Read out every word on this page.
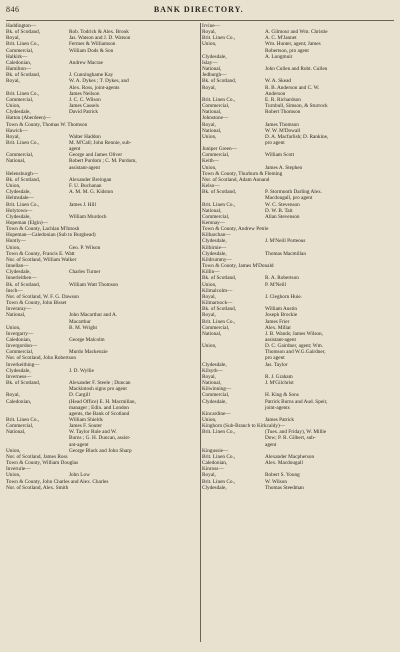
846	BANK DIRECTORY.
Haddington—
Bk. of Scotland,	Rob. Todrick & Alex. Brook
Royal,	Jas. Watson and J. D. Watson
Brit. Linen Co.,	Fermes & Williamson
Commercial,	William Dods & Son
Halkirk—
Caledonian,	Andrew Macrae
Hamilton—
Bk. of Scotland,	J. Cunninghame Kay
Royal,	W. A. Dykes ; T. Dykes, and
Alex. Ross, joint-agents
Brit. Linen Co.,	James Neilson
Commercial,	J. C. C. Wilson
Union,	James Cassels
Clydesdale,	David Patrick
Hatton (Aberdeen)—
Town & County, Thomas W. Thomson
Hawick—
Royal,	Walter Haddon
Brit. Linen Co.,	M. M'Call; John Rennie, sub-
agent
Commercial,	George and James Oliver
National,	Robert Purdom ; C. M. Purdom,
assistant-agent
Helensburgh—
Bk. of Scotland,	Alexander Breingan
Union,	F. U. Buchanan
Clydesdale,	A. M. M. G. Kidston
Helmsdale—
Brit. Linen Co.,	James J. Hill
Holytown—
Clydesdale,	William Murdoch
Hopeman (Elgin)—
Town & County, Lachlan M'Intosh
Hopeman—Caledonian (Sub to Burghead)
Huntly—
Union,	Geo. P. Wilson
Town & County, Francis E. Watt
Nor. of Scotland, William Walker
Innellan—
Clydesdale,	Charles Turner
Innerleithen—
Bk. of Scotland,	William Watt Thomson
Insch—
Nor. of Scotland, W. F. G. Dawson
Town & County, John Bisset
Inveraray—
National,	John Macarthur and A.
Macarthur
Union,	B. M. Wright
Invergarry—
Caledonian,	George Malcolm
Invergordon—
Commercial,	Murdo Mackenzie
Nor. of Scotland, John Robertson
Inverkeithing—
Clydesdale,	J. D. Wyllie
Inverness—
Bk. of Scotland,	Alexander F. Steele ; Duncan
Mackintosh signs pro agent
Royal,	D. Cargill
Caledonian,	(Head Office) E. H. Macmillan,
manager ; Edin. and London
agents, the Bank of Scotland
Brit. Linen Co.,	William Shields
Commercial,	James F. Souter
National,	W. Taylor Rule and W.
Burns ; G. H. Duncan, assist-
ant-agent
Union,	George Black and John Sharp
Nor. of Scotland, James Ross
Town & County, William Douglas
Inverurie—
Union,	John Low
Town & County, John Charles and Alex. Charles
Nor. of Scotland, Alex. Smith
Irvine—
Royal,	A. Gilmour and Wm. Christie
Brit. Linen Co.,	A. C. M'Jannet
Union,	Wm. Hunter, agent; James
Robertson, pro agent
Clydesdale,	A. Longmuir
Islay—
National,	John Cullen and Robt. Cullen
Jedburgh—
Bk. of Scotland,	W. A. Skead
Royal,	R. B. Anderson and C. W.
Anderson
Brit. Linen Co.,	E. R. Richardson
Commercial,	Turnbull, Simson, & Sturrock
National,	Robert Thomson
Johnstone—
Royal,	James Thomson
National,	W. W. M'Dowall
Union,	D. A. Macfarlish; D. Rankine,
pro agent
Juniper Green—
Commercial,	William Scott
Keith—
Union,	James A. Stephen
Town & County, Thurburn & Fleming
Nor. of Scotland, Adam Annand
Kelso—
Bk. of Scotland,	P. Stormonth Darling Alex.
Macdougall, pro agent
Brit. Linen Co.,	W. C. Stevenson
National,	D. W. B. Tait
Commercial,	Allan Stevenson
Kemnay—
Town & County, Andrew Petrie
Kilbarchan—
Clydesdale,	J. M'Neill Porteous
Kilbirnie—
Clydesdale,	Thomas Macmillan
Kildrummy—
Town & County, James M'Donald
Killin—
Bk. of Scotland,	R. A. Robertson
Union,	P. M'Neill
Kilmalcolm—
Royal,	J. Cleghorn Huie.
Kilmarnock—
Bk. of Scotland,	William Austin
Royal,	Joseph Brockie
Brit. Linen Co.,	James Frier
Commercial,	Alex. Millar
National,	J. B. Wands; James Wilson,
assistant-agent
Union,	D. C. Gairdner, agent; Wm.
Thomson and W.G.Gairdner,
pro agent
Clydesdale,	Jas. Taylor
Kilsyth—
Royal,	R. J. Graham
National,	J. M'Gilchrist
Kilwinning—
Commercial,	H. King & Sons
Clydesdale,	Patrick Burns and Aud. Speir,
joint-agents
Kincardine—
Union,	James Patrick
Kinghorn (Sub-Branch to Kirkcaldy)—
Brit. Linen Co.,	(Tues. and Friday), W. Millie
Dow; P. R. Gilbert, sub-
agent
Kingussie—
Brit. Linen Co.,	Alexander Macpherson
Caledonian,	Alex. Macdougall
Kinross—
Royal,	Robert S. Young
Brit. Linen Co.,	W. Wilson
Clydesdale,	Thomas Steedman
